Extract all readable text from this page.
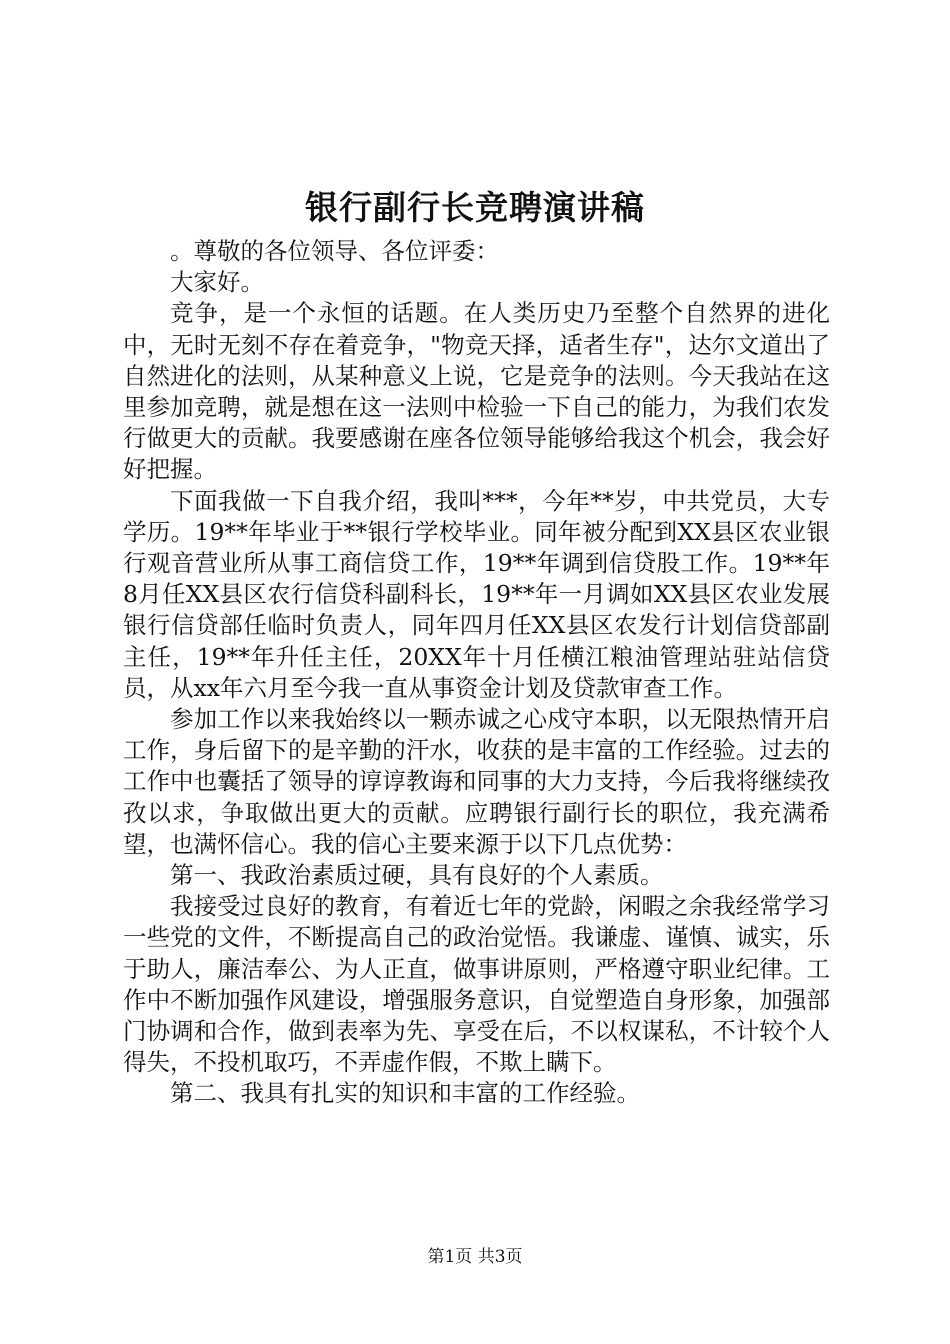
银行副行长竞聘演讲稿

。尊敬的各位领导、各位评委：

大家好。

竞争，是一个永恒的话题。在人类历史乃至整个自然界的进化中，无时无刻不存在着竞争，"物竞天择，适者生存"，达尔文道出了自然进化的法则，从某种意义上说，它是竞争的法则。今天我站在这里参加竞聘，就是想在这一法则中检验一下自己的能力，为我们农发行做更大的贡献。我要感谢在座各位领导能够给我这个机会，我会好好把握。

下面我做一下自我介绍，我叫***，今年**岁，中共党员，大专学历。19**年毕业于**银行学校毕业。同年被分配到XX县区农业银行观音营业所从事工商信贷工作，19**年调到信贷股工作。19**年8月任XX县区农行信贷科副科长，19**年一月调如XX县区农业发展银行信贷部任临时负责人，同年四月任XX县区农发行计划信贷部副主任，19**年升任主任，20XX年十月任横江粮油管理站驻站信贷员，从xx年六月至今我一直从事资金计划及贷款审查工作。

参加工作以来我始终以一颗赤诚之心戍守本职，以无限热情开启工作，身后留下的是辛勤的汗水，收获的是丰富的工作经验。过去的工作中也囊括了领导的谆谆教诲和同事的大力支持，今后我将继续孜孜以求，争取做出更大的贡献。应聘银行副行长的职位，我充满希望，也满怀信心。我的信心主要来源于以下几点优势：

第一、我政治素质过硬，具有良好的个人素质。

我接受过良好的教育，有着近七年的党龄，闲暇之余我经常学习一些党的文件，不断提高自己的政治觉悟。我谦虚、谨慎、诚实，乐于助人，廉洁奉公、为人正直，做事讲原则，严格遵守职业纪律。工作中不断加强作风建设，增强服务意识，自觉塑造自身形象，加强部门协调和合作，做到表率为先、享受在后，不以权谋私，不计较个人得失，不投机取巧，不弄虚作假，不欺上瞒下。

第二、我具有扎实的知识和丰富的工作经验。

第1页 共3页
